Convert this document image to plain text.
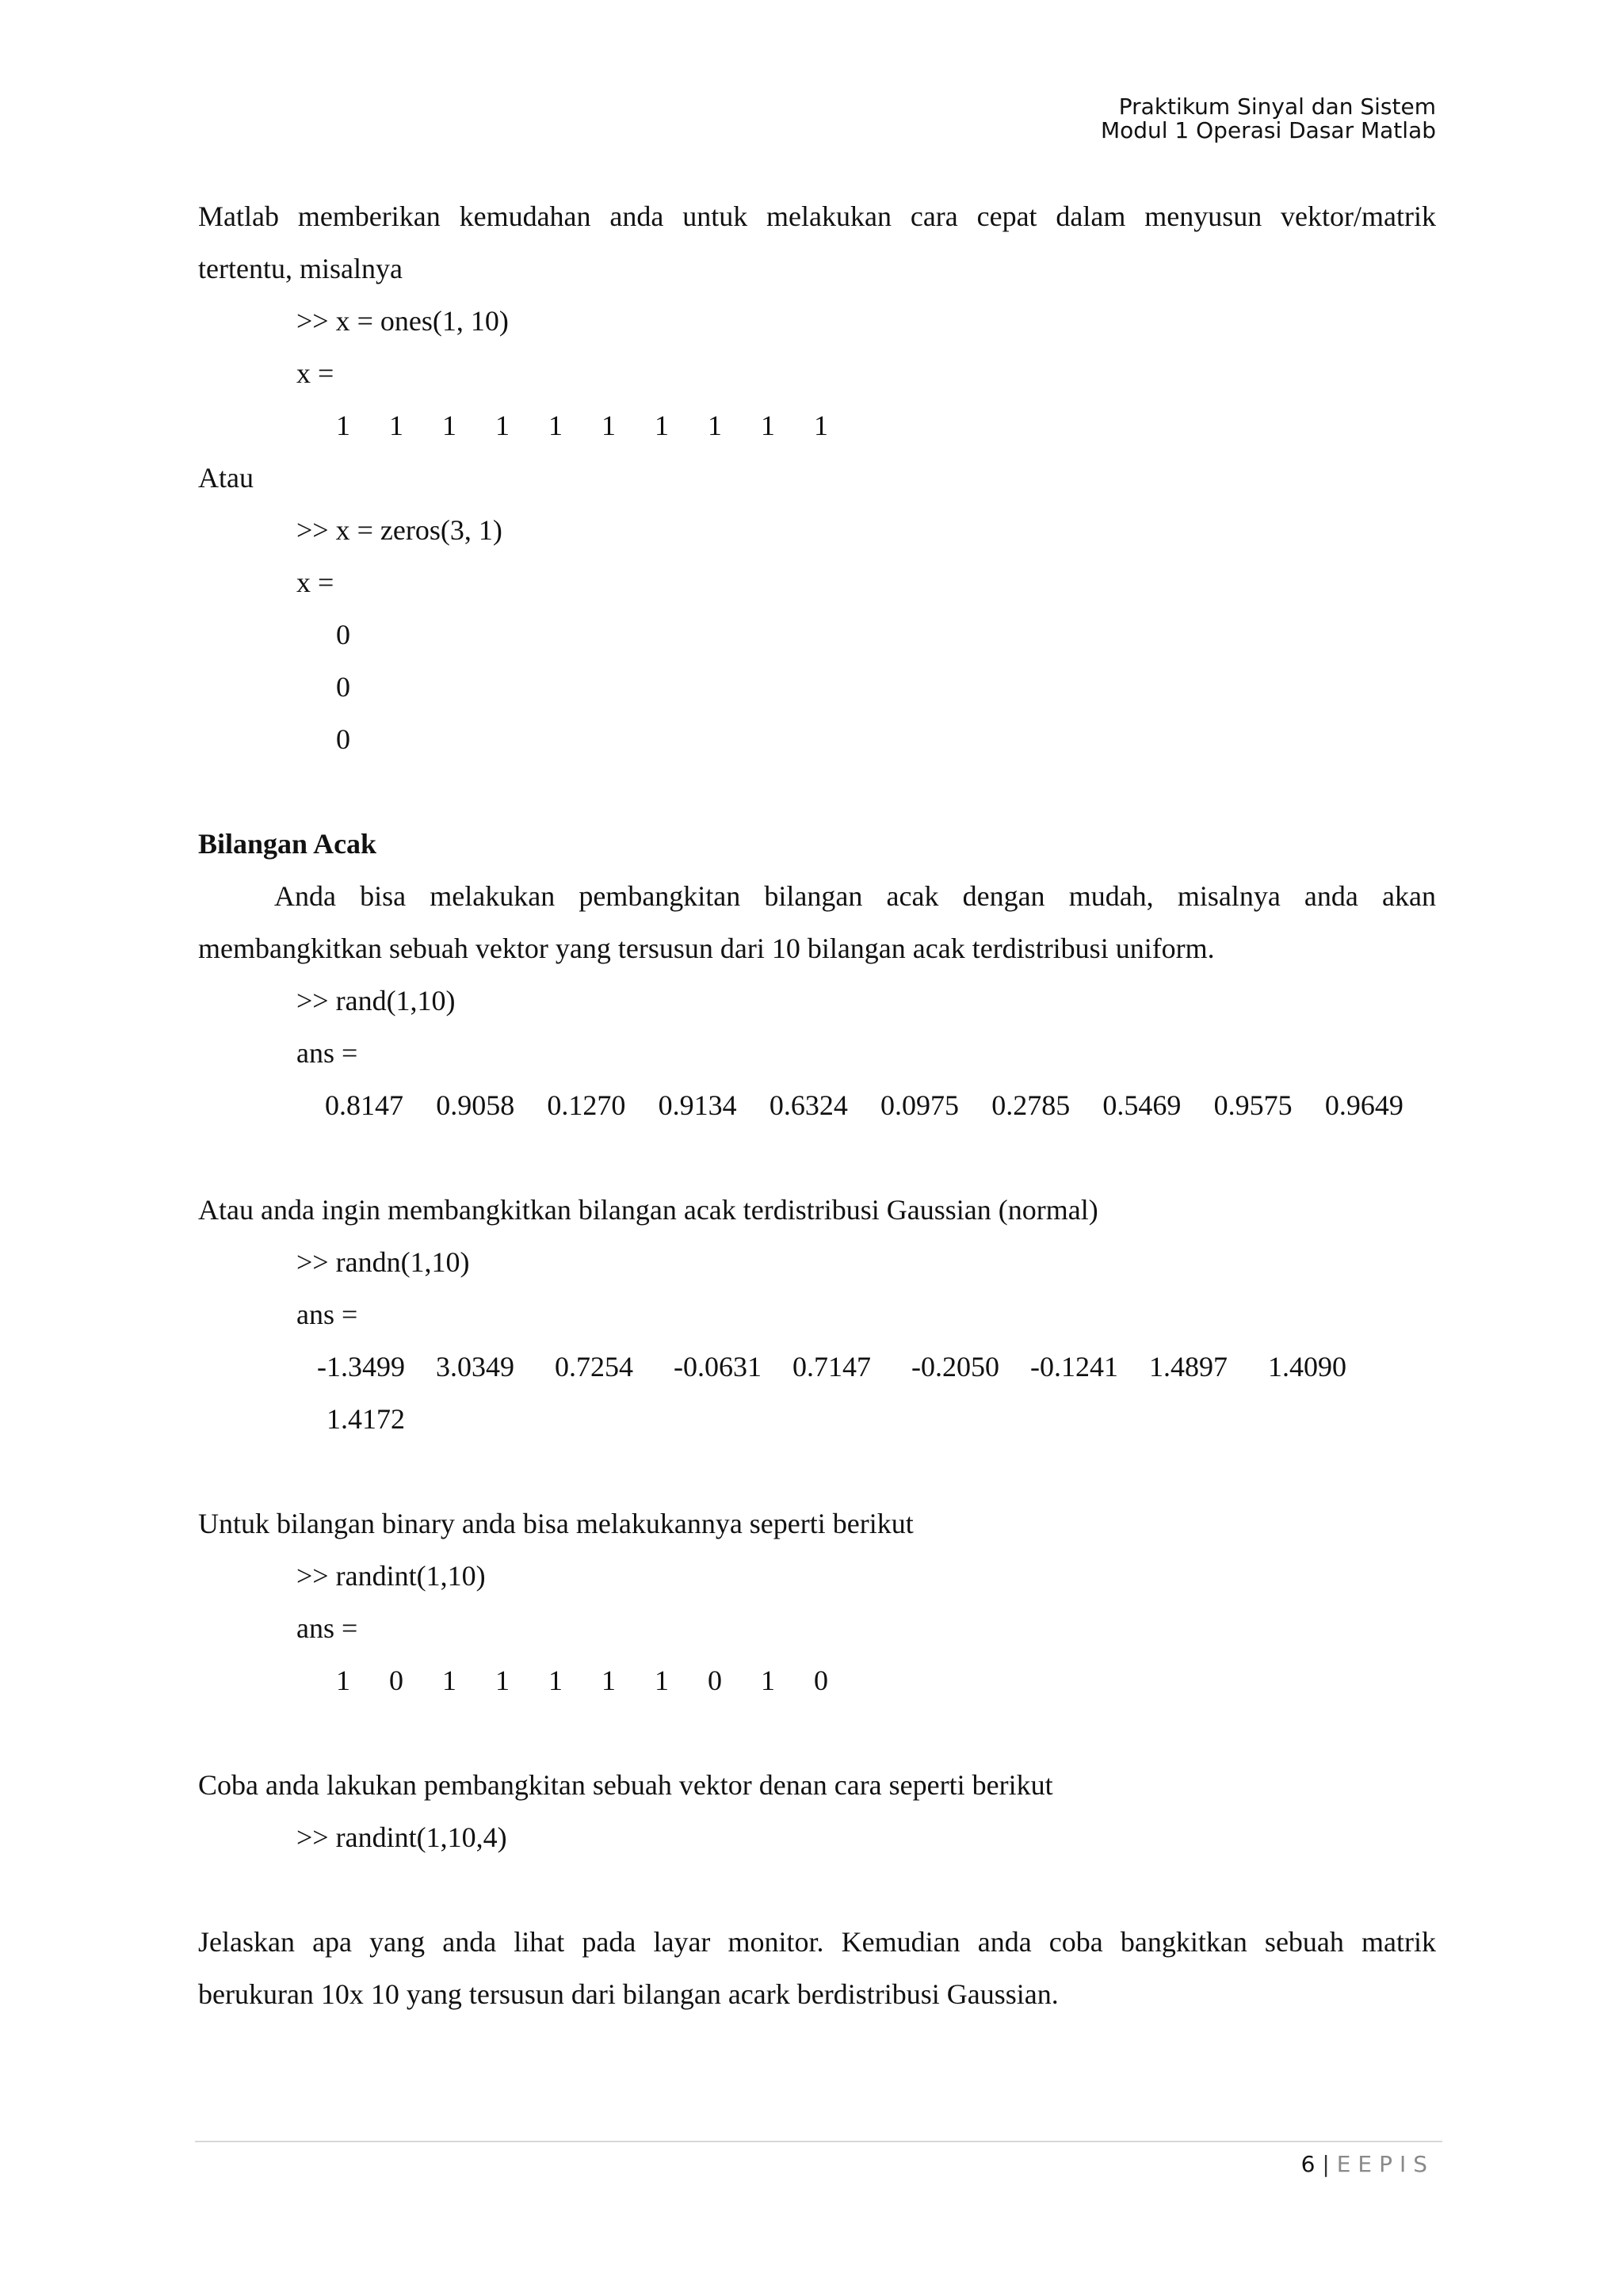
Praktikum Sinyal dan Sistem
Modul 1 Operasi Dasar Matlab

Matlab memberikan kemudahan anda untuk melakukan cara cepat dalam menyusun vektor/matrik

tertentu, misalnya

>> x = ones(1, 10)

x =

1	1	1	1	1	1	1	1	1	1

Atau

>> x = zeros(3, 1)

x =

0

0

0

Bilangan Acak

Anda bisa melakukan pembangkitan bilangan acak dengan mudah, misalnya anda akan

membangkitkan sebuah vektor yang tersusun dari 10 bilangan acak terdistribusi uniform.

>> rand(1,10)

ans =

0.8147	0.9058	0.1270	0.9134	0.6324	0.0975	0.2785	0.5469	0.9575	0.9649

Atau anda ingin membangkitkan bilangan acak terdistribusi Gaussian (normal)

>> randn(1,10)

ans =

-1.3499	3.0349	0.7254	-0.0631	0.7147	-0.2050	-0.1241	1.4897	1.4090

1.4172

Untuk bilangan binary anda bisa melakukannya seperti berikut

>> randint(1,10)

ans =

1	0	1	1	1	1	1	0	1	0

Coba anda lakukan pembangkitan sebuah vektor denan cara seperti berikut

>> randint(1,10,4)

Jelaskan apa yang anda lihat pada layar monitor. Kemudian anda coba bangkitkan sebuah matrik

berukuran 10x 10 yang tersusun dari bilangan acark berdistribusi Gaussian.

6 | EEPIS
